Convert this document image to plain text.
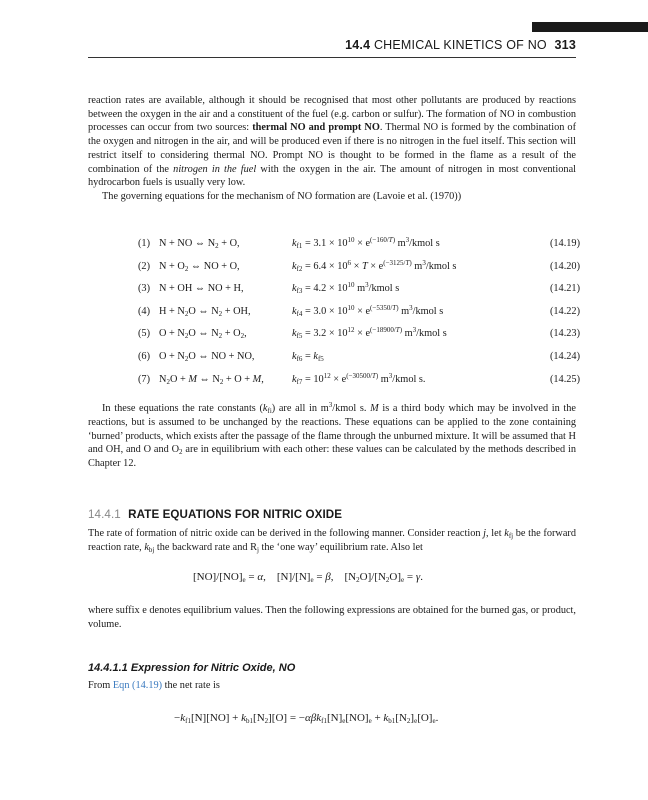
14.4 CHEMICAL KINETICS OF NO 313

reaction rates are available, although it should be recognised that most other pollutants are produced by reactions between the oxygen in the air and a constituent of the fuel (e.g. carbon or sulfur). The formation of NO in combustion processes can occur from two sources: thermal NO and prompt NO. Thermal NO is formed by the combination of the oxygen and nitrogen in the air, and will be produced even if there is no nitrogen in the fuel itself. This section will restrict itself to considering thermal NO. Prompt NO is thought to be formed in the flame as a result of the combination of the nitrogen in the fuel with the oxygen in the air. The amount of nitrogen in most conventional hydrocarbon fuels is usually very low.

The governing equations for the mechanism of NO formation are (Lavoie et al. (1970))

(1) N + NO ⇔ $N_2 + O$,	$k_{f1} = 3.1 \times 10^{10} \times e^{(-160/T)}$ $m^3$/kmol s	(14.19)
(2) $N + O_2$ ⇔ NO + O,	$k_{f2} = 6.4 \times 10^6 \times T \times e^{(-3125/T)}$ $m^3$/kmol s	(14.20)
(3) N + OH ⇔ NO + H,	$k_{f3} = 4.2 \times 10^{10}$ $m^3$/kmol s	(14.21)
(4) $H + N_2O$ ⇔ $N_2$ + OH,	$k_{f4} = 3.0 \times 10^{10} \times e^{(-5350/T)}$ $m^3$/kmol s	(14.22)
(5) $O + N_2O$ ⇔ $N_2 + O_2$,	$k_{f5} = 3.2 \times 10^{12} \times e^{(-18900/T)}$ $m^3$/kmol s	(14.23)
(6) $O + N_2O$ ⇔ NO + NO,	$k_{f6} = k_{f5}$	(14.24)
(7) $N_2O + M$ ⇔ $N_2 + O + M$,	$k_{f7} = 10^{12} \times e^{(-30500/T)}$ $m^3$/kmol s.	(14.25)
In these equations the rate constants $(k_{fi})$ are all in $m^3$/kmol s. M is a third body which may be involved in the reactions, but is assumed to be unchanged by the reactions. These equations can be applied to the zone containing ‘burned’ products, which exists after the passage of the flame through the unburned mixture. It will be assumed that H and OH, and O and $O_2$ are in equilibrium with each other: these values can be calculated by the methods described in Chapter 12.
14.4.1 RATE EQUATIONS FOR NITRIC OXIDE
The rate of formation of nitric oxide can be derived in the following manner. Consider reaction j, let $k_{fj}$ be the forward reaction rate, $k_{bj}$ the backward rate and $R_j$ the ‘one way’ equilibrium rate. Also let
$[NO]/[NO]_e = \alpha$,    $[N]/[N]_e = \beta$,    $[N_2O]/[N_2O]_e = \gamma$.
where suffix e denotes equilibrium values. Then the following expressions are obtained for the burned gas, or product, volume.
14.4.1.1 Expression for Nitric Oxide, NO
From Eqn (14.19) the net rate is
$-k_{f1}[N][NO] + k_{b1}[N_2][O] = -\alpha\beta k_{f1}[N]_e[NO]_e + k_{b1}[N_2]_e[O]_e$.
